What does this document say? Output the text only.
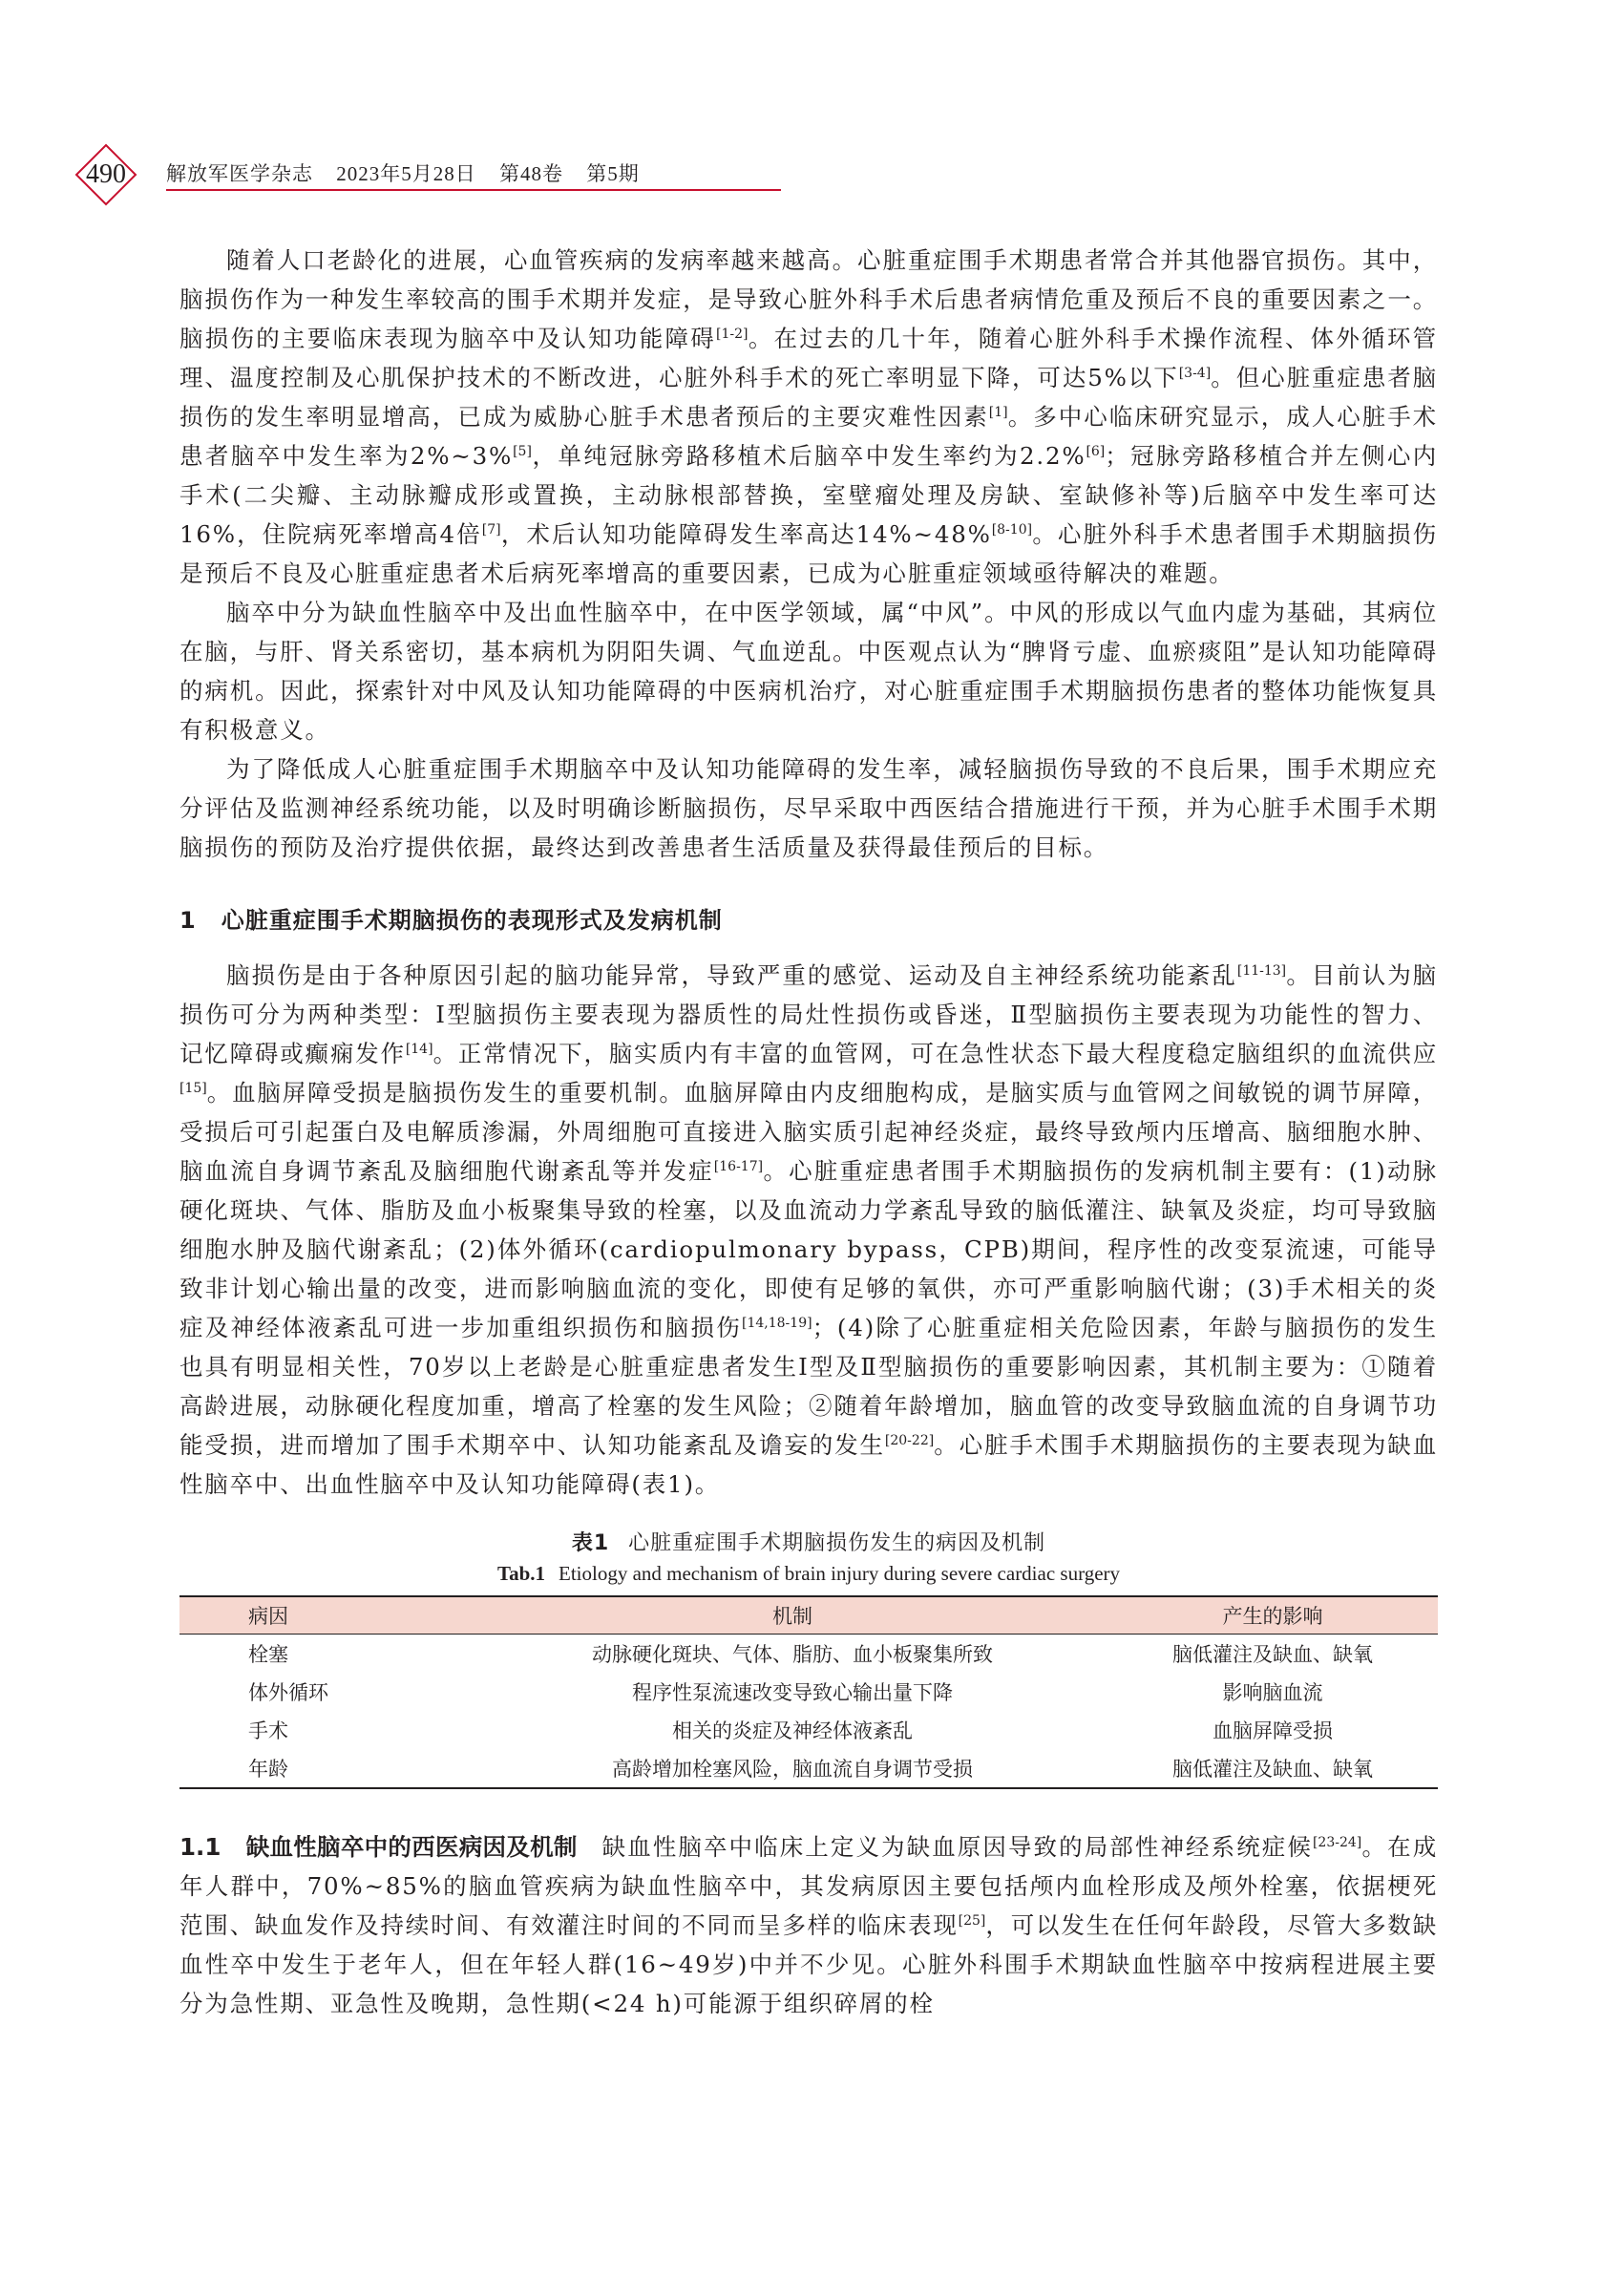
490	解放军医学杂志 2023年5月28日 第48卷 第5期

随着人口老龄化的进展，心血管疾病的发病率越来越高。心脏重症围手术期患者常合并其他器官损伤。其中，脑损伤作为一种发生率较高的围手术期并发症，是导致心脏外科手术后患者病情危重及预后不良的重要因素之一。脑损伤的主要临床表现为脑卒中及认知功能障碍[1-2]。在过去的几十年，随着心脏外科手术操作流程、体外循环管理、温度控制及心肌保护技术的不断改进，心脏外科手术的死亡率明显下降，可达5%以下[3-4]。但心脏重症患者脑损伤的发生率明显增高，已成为威胁心脏手术患者预后的主要灾难性因素[1]。多中心临床研究显示，成人心脏手术患者脑卒中发生率为2%~3%[5]，单纯冠脉旁路移植术后脑卒中发生率约为2.2%[6]；冠脉旁路移植合并左侧心内手术(二尖瓣、主动脉瓣成形或置换，主动脉根部替换，室壁瘤处理及房缺、室缺修补等)后脑卒中发生率可达16%，住院病死率增高4倍[7]，术后认知功能障碍发生率高达14%~48%[8-10]。心脏外科手术患者围手术期脑损伤是预后不良及心脏重症患者术后病死率增高的重要因素，已成为心脏重症领域亟待解决的难题。

脑卒中分为缺血性脑卒中及出血性脑卒中，在中医学领域，属“中风”。中风的形成以气血内虚为基础，其病位在脑，与肝、肾关系密切，基本病机为阴阳失调、气血逆乱。中医观点认为“脾肾亏虚、血瘀痰阻”是认知功能障碍的病机。因此，探索针对中风及认知功能障碍的中医病机治疗，对心脏重症围手术期脑损伤患者的整体功能恢复具有积极意义。

为了降低成人心脏重症围手术期脑卒中及认知功能障碍的发生率，减轻脑损伤导致的不良后果，围手术期应充分评估及监测神经系统功能，以及时明确诊断脑损伤，尽早采取中西医结合措施进行干预，并为心脏手术围手术期脑损伤的预防及治疗提供依据，最终达到改善患者生活质量及获得最佳预后的目标。

1 心脏重症围手术期脑损伤的表现形式及发病机制

脑损伤是由于各种原因引起的脑功能异常，导致严重的感觉、运动及自主神经系统功能紊乱[11-13]。目前认为脑损伤可分为两种类型：Ⅰ型脑损伤主要表现为器质性的局灶性损伤或昏迷，Ⅱ型脑损伤主要表现为功能性的智力、记忆障碍或癫痫发作[14]。正常情况下，脑实质内有丰富的血管网，可在急性状态下最大程度稳定脑组织的血流供应[15]。血脑屏障受损是脑损伤发生的重要机制。血脑屏障由内皮细胞构成，是脑实质与血管网之间敏锐的调节屏障，受损后可引起蛋白及电解质渗漏，外周细胞可直接进入脑实质引起神经炎症，最终导致颅内压增高、脑细胞水肿、脑血流自身调节紊乱及脑细胞代谢紊乱等并发症[16-17]。心脏重症患者围手术期脑损伤的发病机制主要有：(1)动脉硬化斑块、气体、脂肪及血小板聚集导致的栓塞，以及血流动力学紊乱导致的脑低灌注、缺氧及炎症，均可导致脑细胞水肿及脑代谢紊乱；(2)体外循环(cardiopulmonary bypass，CPB)期间，程序性的改变泵流速，可能导致非计划心输出量的改变，进而影响脑血流的变化，即使有足够的氧供，亦可严重影响脑代谢；(3)手术相关的炎症及神经体液紊乱可进一步加重组织损伤和脑损伤[14,18-19]；(4)除了心脏重症相关危险因素，年龄与脑损伤的发生也具有明显相关性，70岁以上老龄是心脏重症患者发生Ⅰ型及Ⅱ型脑损伤的重要影响因素，其机制主要为：①随着高龄进展，动脉硬化程度加重，增高了栓塞的发生风险；②随着年龄增加，脑血管的改变导致脑血流的自身调节功能受损，进而增加了围手术期卒中、认知功能紊乱及谵妄的发生[20-22]。心脏手术围手术期脑损伤的主要表现为缺血性脑卒中、出血性脑卒中及认知功能障碍(表1)。

表1 心脏重症围手术期脑损伤发生的病因及机制
Tab.1 Etiology and mechanism of brain injury during severe cardiac surgery
病因	机制	产生的影响
栓塞	动脉硬化斑块、气体、脂肪、血小板聚集所致	脑低灌注及缺血、缺氧
体外循环	程序性泵流速改变导致心输出量下降	影响脑血流
手术	相关的炎症及神经体液紊乱	血脑屏障受损
年龄	高龄增加栓塞风险，脑血流自身调节受损	脑低灌注及缺血、缺氧

1.1 缺血性脑卒中的西医病因及机制 缺血性脑卒中临床上定义为缺血原因导致的局部性神经系统症候[23-24]。在成年人群中，70%~85%的脑血管疾病为缺血性脑卒中，其发病原因主要包括颅内血栓形成及颅外栓塞，依据梗死范围、缺血发作及持续时间、有效灌注时间的不同而呈多样的临床表现[25]，可以发生在任何年龄段，尽管大多数缺血性卒中发生于老年人，但在年轻人群(16~49岁)中并不少见。心脏外科围手术期缺血性脑卒中按病程进展主要分为急性期、亚急性及晚期，急性期(<24 h)可能源于组织碎屑的栓
